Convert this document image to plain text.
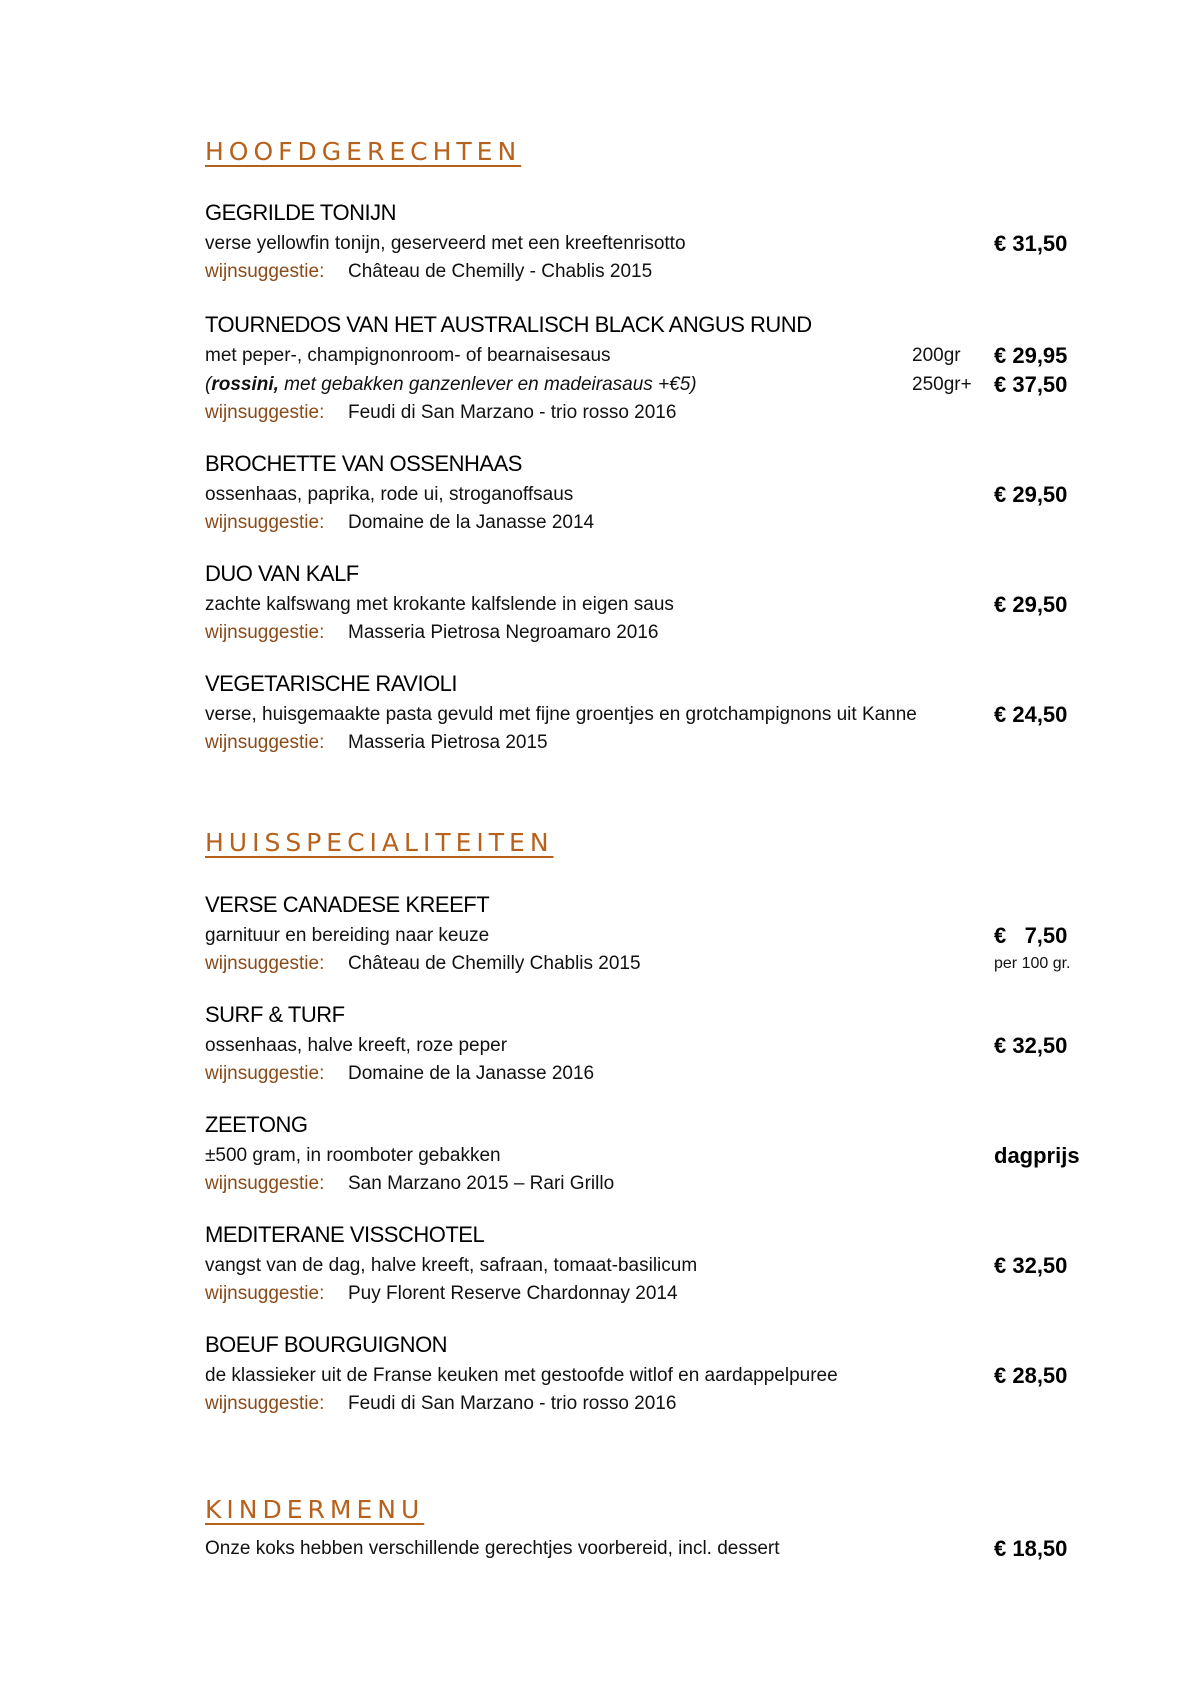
HOOFDGERECHTEN
GEGRILDE TONIJN
verse yellowfin tonijn, geserveerd met een kreeftenrisotto	€ 31,50
wijnsuggestie: Château de Chemilly - Chablis 2015
TOURNEDOS VAN HET AUSTRALISCH BLACK ANGUS RUND
met peper-, champignonroom- of bearnaisesaus	200gr € 29,95
(rossini, met gebakken ganzenlever en madeirasaus +€5)	250gr+ € 37,50
wijnsuggestie: Feudi di San Marzano - trio rosso 2016
BROCHETTE VAN OSSENHAAS
ossenhaas, paprika, rode ui, stroganoffsaus	€ 29,50
wijnsuggestie: Domaine de la Janasse 2014
DUO VAN KALF
zachte kalfswang met krokante kalfslende in eigen saus	€ 29,50
wijnsuggestie: Masseria Pietrosa Negroamaro 2016
VEGETARISCHE RAVIOLI
verse, huisgemaakte pasta gevuld met fijne groentjes en grotchampignons uit Kanne	€ 24,50
wijnsuggestie: Masseria Pietrosa 2015
HUISSPECIALITEITEN
VERSE CANADESE KREEFT
garnituur en bereiding naar keuze	€   7,50
per 100 gr.
wijnsuggestie: Château de Chemilly Chablis 2015
SURF & TURF
ossenhaas, halve kreeft, roze peper	€ 32,50
wijnsuggestie: Domaine de la Janasse 2016
ZEETONG
±500 gram, in roomboter gebakken	dagprijs
wijnsuggestie: San Marzano 2015 – Rari Grillo
MEDITERANE VISSCHOTEL
vangst van de dag, halve kreeft, safraan, tomaat-basilicum	€ 32,50
wijnsuggestie: Puy Florent Reserve Chardonnay 2014
BOEUF BOURGUIGNON
de klassieker uit de Franse keuken met gestoofde witlof en aardappelpuree	€ 28,50
wijnsuggestie: Feudi di San Marzano - trio rosso 2016
KINDERMENU
Onze koks hebben verschillende gerechtjes voorbereid, incl. dessert	€ 18,50
